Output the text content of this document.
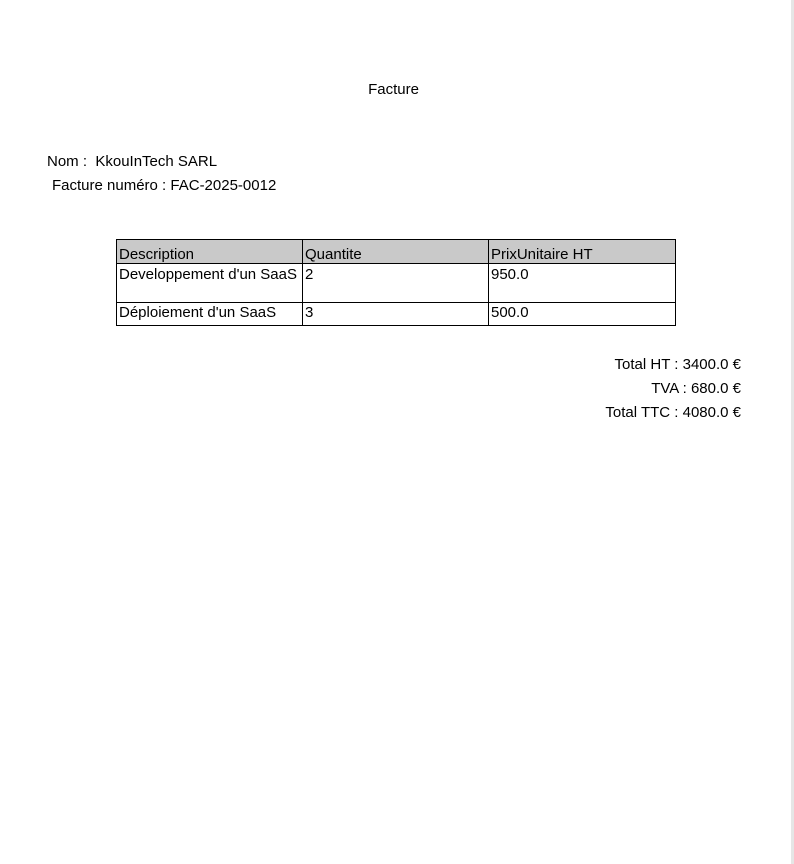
Facture
Nom :  KkouInTech SARL
Facture numéro : FAC-2025-0012
Description	Quantite	PrixUnitaire HT
Developpement d'un SaaS	2	950.0
Déploiement d'un SaaS	3	500.0
Total HT : 3400.0 €
TVA : 680.0 €
Total TTC : 4080.0 €
